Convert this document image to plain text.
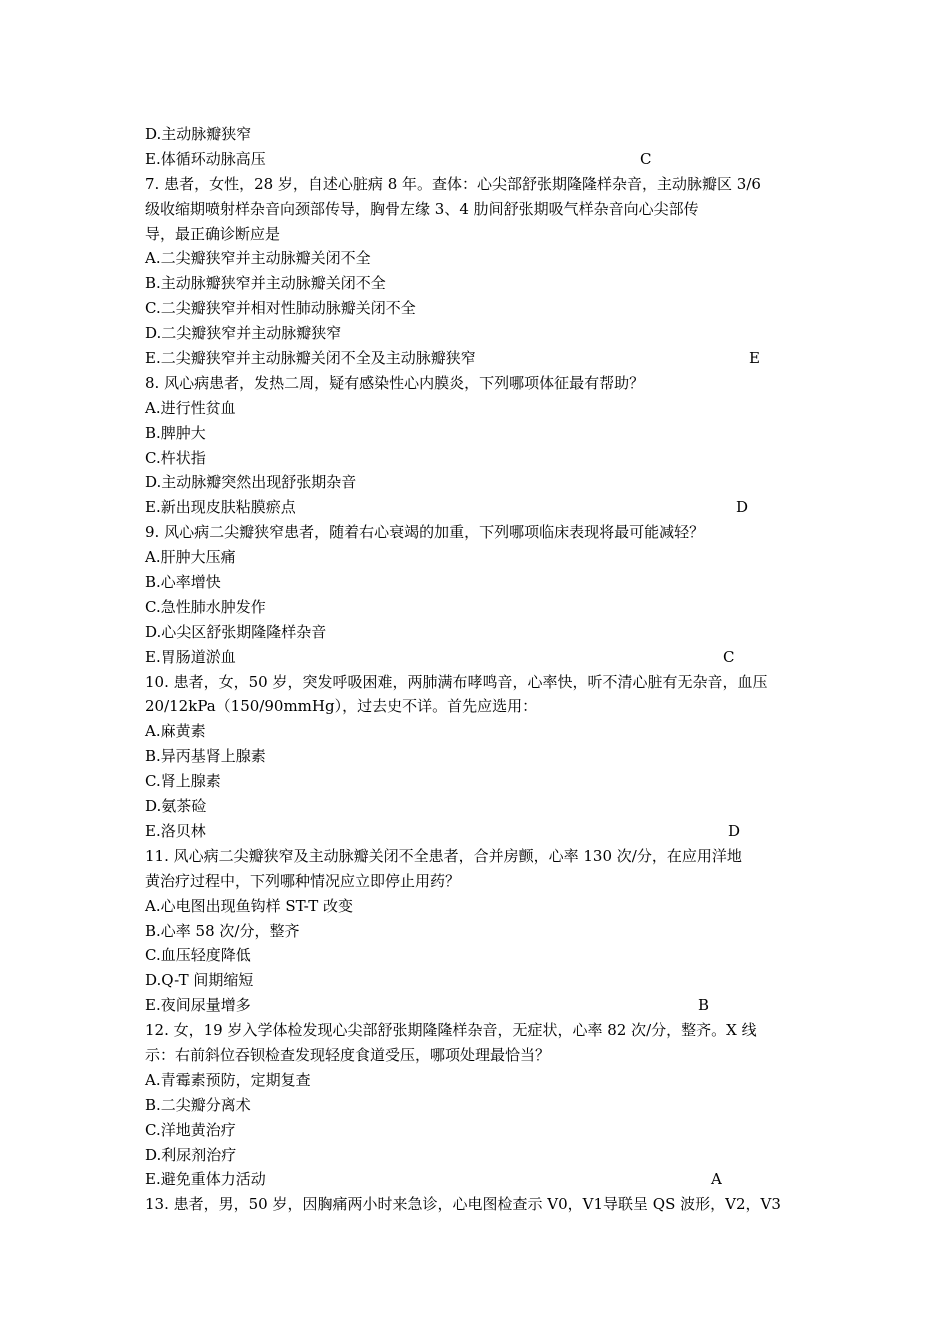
D.主动脉瓣狭窄
E.体循环动脉高压	C
7. 患者，女性，28 岁，自述心脏病 8 年。查体：心尖部舒张期隆隆样杂音，主动脉瓣区 3/6
级收缩期喷射样杂音向颈部传导，胸骨左缘 3、4 肋间舒张期吸气样杂音向心尖部传
导，最正确诊断应是
A.二尖瓣狭窄并主动脉瓣关闭不全
B.主动脉瓣狭窄并主动脉瓣关闭不全
C.二尖瓣狭窄并相对性肺动脉瓣关闭不全
D.二尖瓣狭窄并主动脉瓣狭窄
E.二尖瓣狭窄并主动脉瓣关闭不全及主动脉瓣狭窄	E
8. 风心病患者，发热二周，疑有感染性心内膜炎，下列哪项体征最有帮助？
A.进行性贫血
B.脾肿大
C.杵状指
D.主动脉瓣突然出现舒张期杂音
E.新出现皮肤粘膜瘀点	D
9. 风心病二尖瓣狭窄患者，随着右心衰竭的加重，下列哪项临床表现将最可能减轻？
A.肝肿大压痛
B.心率增快
C.急性肺水肿发作
D.心尖区舒张期隆隆样杂音
E.胃肠道淤血	C
10. 患者，女，50 岁，突发呼吸困难，两肺满布哮鸣音，心率快，听不清心脏有无杂音，血压
20/12kPa（150/90mmHg），过去史不详。首先应选用：
A.麻黄素
B.异丙基肾上腺素
C.肾上腺素
D.氨茶硷
E.洛贝林	D
11. 风心病二尖瓣狭窄及主动脉瓣关闭不全患者，合并房颤，心率 130 次/分，在应用洋地
黄治疗过程中，下列哪种情况应立即停止用药？
A.心电图出现鱼钩样 ST-T 改变
B.心率 58 次/分，整齐
C.血压轻度降低
D.Q-T 间期缩短
E.夜间尿量增多	B
12. 女，19 岁入学体检发现心尖部舒张期隆隆样杂音，无症状，心率 82 次/分，整齐。X 线
示：右前斜位吞钡检查发现轻度食道受压，哪项处理最恰当？
A.青霉素预防，定期复查
B.二尖瓣分离术
C.洋地黄治疗
D.利尿剂治疗
E.避免重体力活动	A
13. 患者，男，50 岁，因胸痛两小时来急诊，心电图检查示 V0，V1导联呈 QS 波形，V2，V3
